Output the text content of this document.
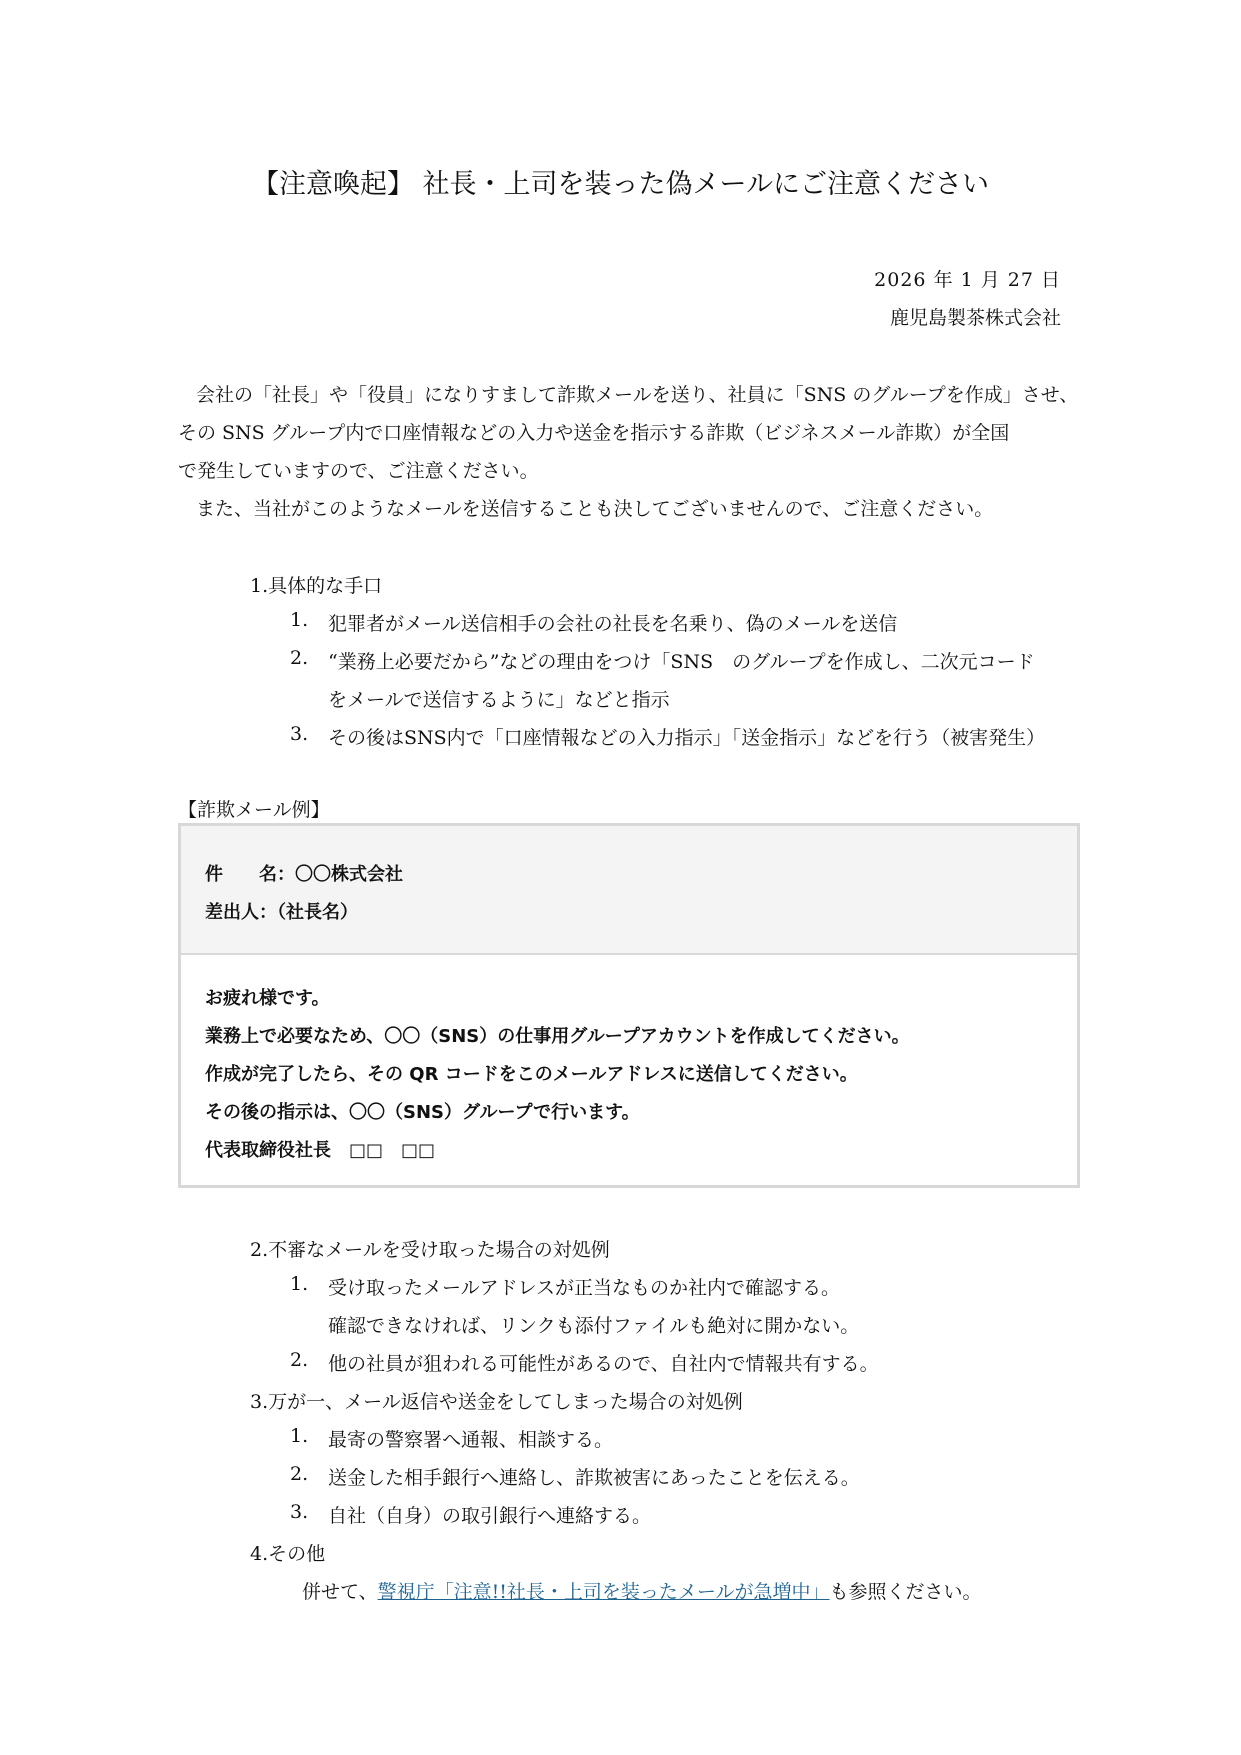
【注意喚起】 社長・上司を装った偽メールにご注意ください
2026 年 1 月 27 日
鹿児島製茶株式会社
会社の「社長」や「役員」になりすまして詐欺メールを送り、社員に「SNS のグループを作成」させ、
その SNS グループ内で口座情報などの入力や送金を指示する詐欺（ビジネスメール詐欺）が全国
で発生していますので、ご注意ください。
また、当社がこのようなメールを送信することも決してございませんので、ご注意ください。
1.具体的な手口
1. 犯罪者がメール送信相手の会社の社長を名乗り、偽のメールを送信
2. “業務上必要だから”などの理由をつけ「SNS　のグループを作成し、二次元コード
をメールで送信するように」などと指示
3. その後はSNS内で「口座情報などの入力指示」「送金指示」などを行う（被害発生）
【詐欺メール例】
件　　名：〇〇株式会社
差出人：（社長名）
お疲れ様です。
業務上で必要なため、〇〇（SNS）の仕事用グループアカウントを作成してください。
作成が完了したら、その QR コードをこのメールアドレスに送信してください。
その後の指示は、〇〇（SNS）グループで行います。
代表取締役社長　□□　□□
2.不審なメールを受け取った場合の対処例
1. 受け取ったメールアドレスが正当なものか社内で確認する。
確認できなければ、リンクも添付ファイルも絶対に開かない。
2. 他の社員が狙われる可能性があるので、自社内で情報共有する。
3.万が一、メール返信や送金をしてしまった場合の対処例
1. 最寄の警察署へ通報、相談する。
2. 送金した相手銀行へ連絡し、詐欺被害にあったことを伝える。
3. 自社（自身）の取引銀行へ連絡する。
4.その他
併せて、警視庁「注意!!社長・上司を装ったメールが急増中」も参照ください。
